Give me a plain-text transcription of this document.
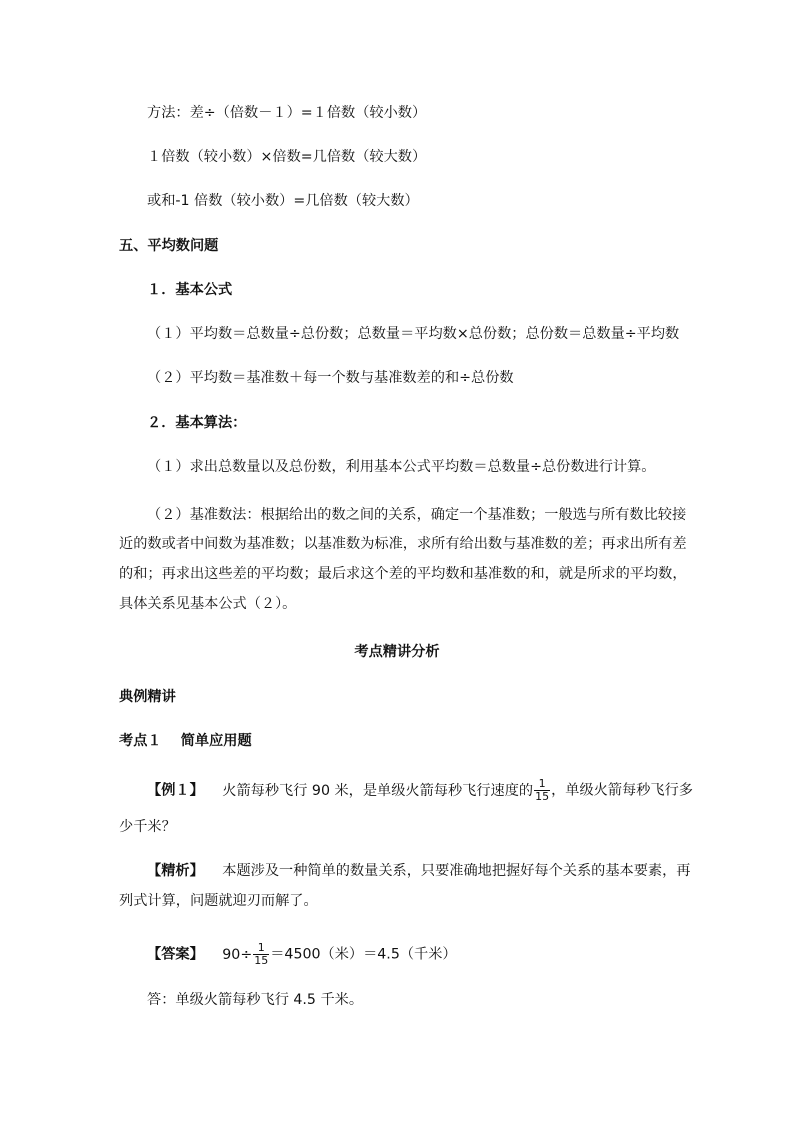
方法：差÷（倍数－１）=１倍数（较小数）
１倍数（较小数）×倍数=几倍数（较大数）
或和-1 倍数（较小数）=几倍数（较大数）
五、平均数问题
１．基本公式
（１）平均数＝总数量÷总份数；总数量＝平均数×总份数；总份数＝总数量÷平均数
（２）平均数＝基准数＋每一个数与基准数差的和÷总份数
２．基本算法：
（１）求出总数量以及总份数，利用基本公式平均数＝总数量÷总份数进行计算。
（２）基准数法：根据给出的数之间的关系，确定一个基准数；一般选与所有数比较接
近的数或者中间数为基准数；以基准数为标准，求所有给出数与基准数的差；再求出所有差
的和；再求出这些差的平均数；最后求这个差的平均数和基准数的和，就是所求的平均数，
具体关系见基本公式（２）。
考点精讲分析
典例精讲
考点１　 简单应用题
【例１】 火箭每秒飞行 90 米，是单级火箭每秒飞行速度的 $\frac{1}{15}$ ，单级火箭每秒飞行多
少千米？
【精析】 本题涉及一种简单的数量关系，只要准确地把握好每个关系的基本要素，再
列式计算，问题就迎刃而解了。
【答案】 $90\div \frac{1}{15} =4500$（米）＝4.5（千米）
答：单级火箭每秒飞行 4.5 千米。
